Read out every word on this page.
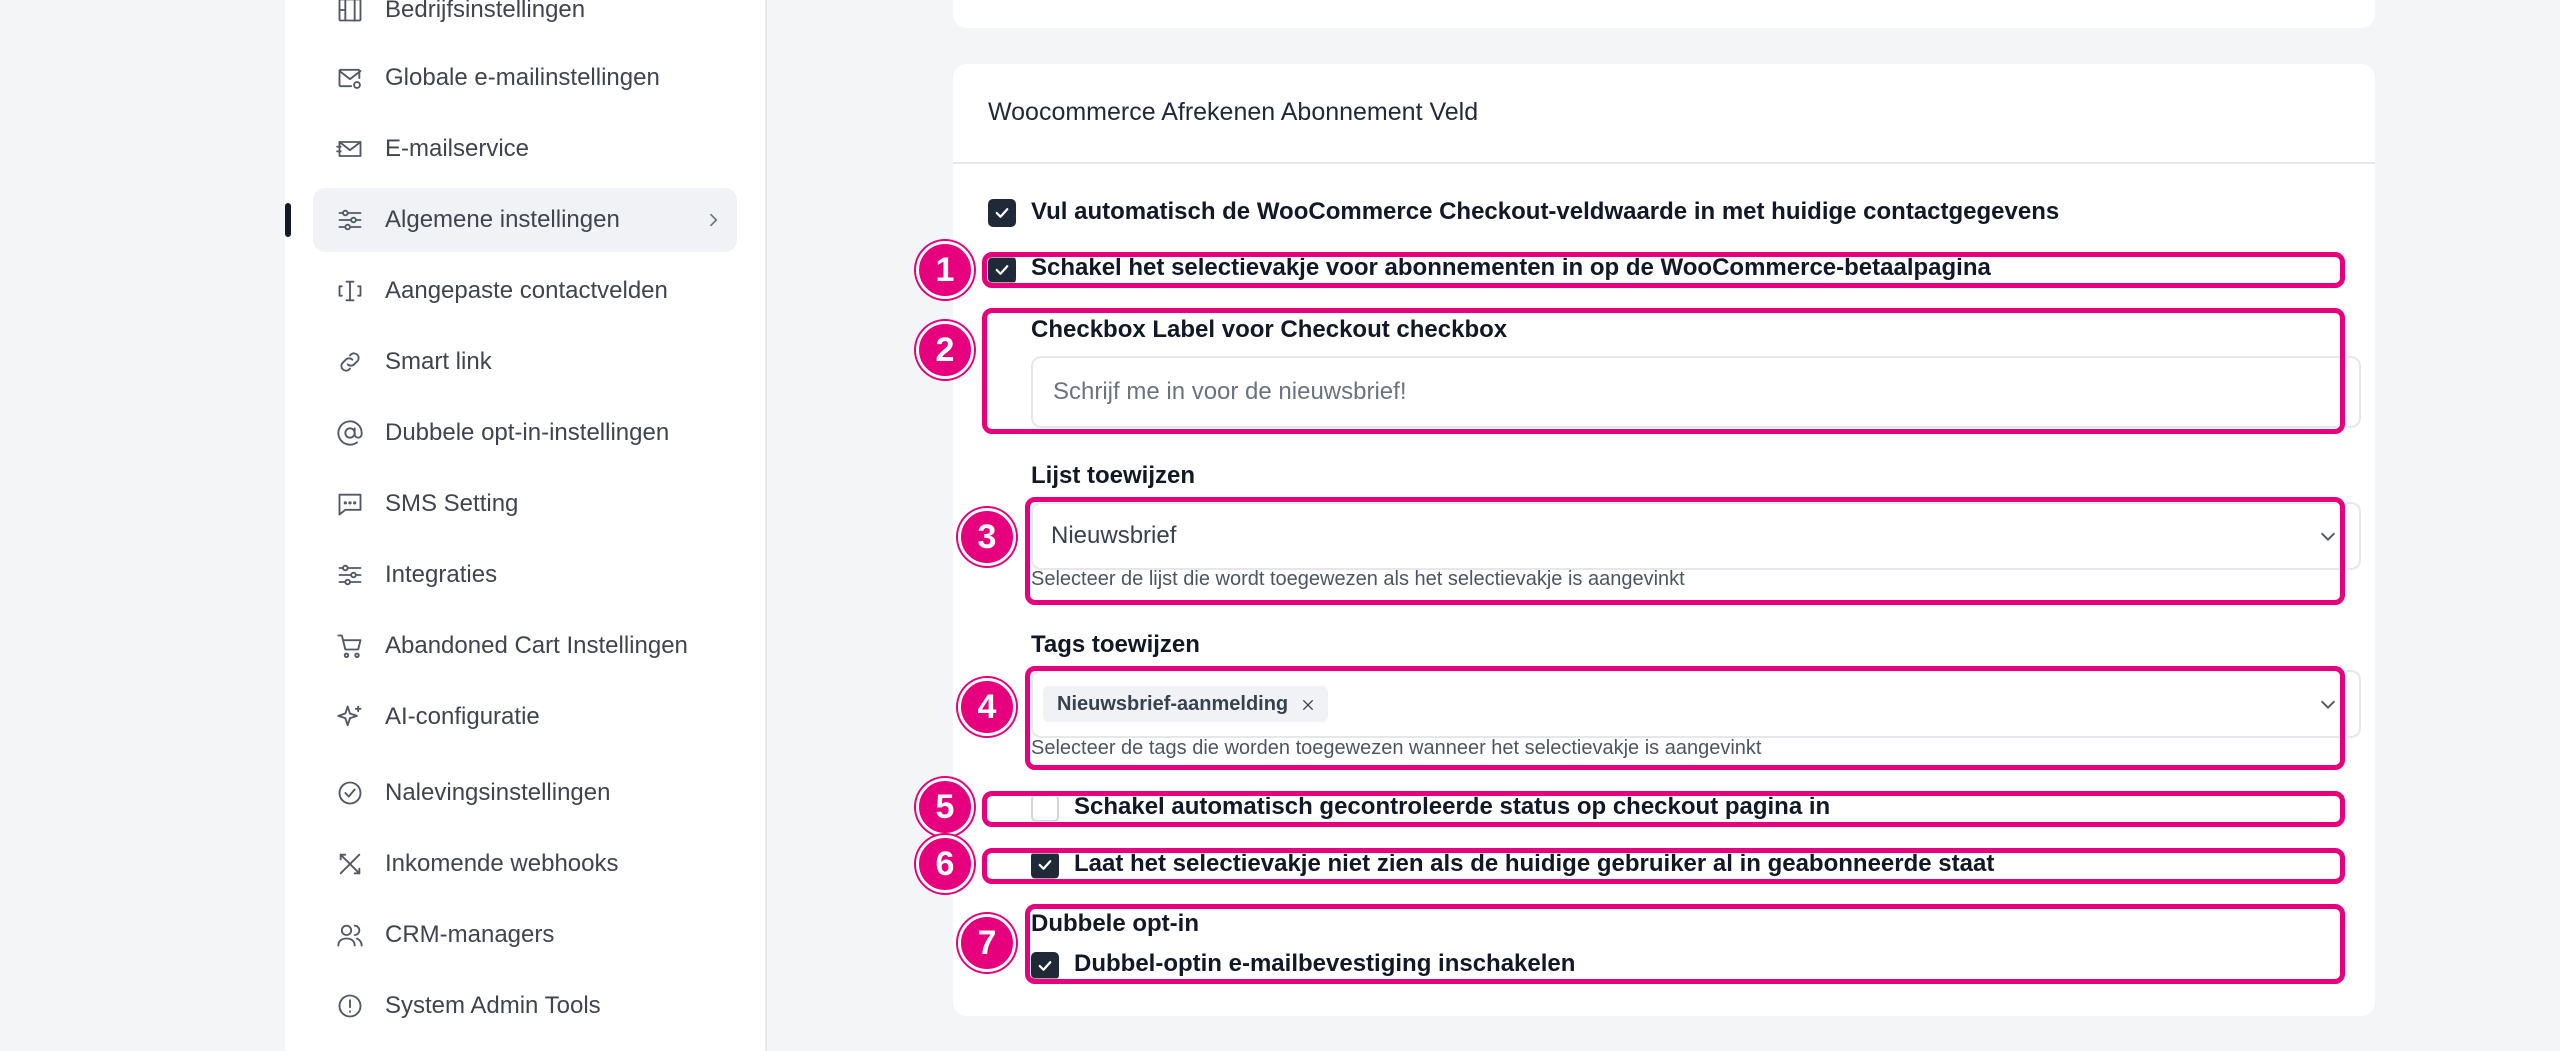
Bedrijfsinstellingen
Globale e-mailinstellingen
E-mailservice
Algemene instellingen
Aangepaste contactvelden
Smart link
Dubbele opt-in-instellingen
SMS Setting
Integraties
Abandoned Cart Instellingen
AI-configuratie
Nalevingsinstellingen
Inkomende webhooks
CRM-managers
System Admin Tools
Woocommerce Afrekenen Abonnement Veld
Vul automatisch de WooCommerce Checkout-veldwaarde in met huidige contactgegevens
Schakel het selectievakje voor abonnementen in op de WooCommerce-betaalpagina
Checkbox Label voor Checkout checkbox
Schrijf me in voor de nieuwsbrief!
Lijst toewijzen
Nieuwsbrief
Selecteer de lijst die wordt toegewezen als het selectievakje is aangevinkt
Tags toewijzen
Nieuwsbrief-aanmelding
Selecteer de tags die worden toegewezen wanneer het selectievakje is aangevinkt
Schakel automatisch gecontroleerde status op checkout pagina in
Laat het selectievakje niet zien als de huidige gebruiker al in geabonneerde staat
Dubbele opt-in
Dubbel-optin e-mailbevestiging inschakelen
1
2
3
4
5
6
7
